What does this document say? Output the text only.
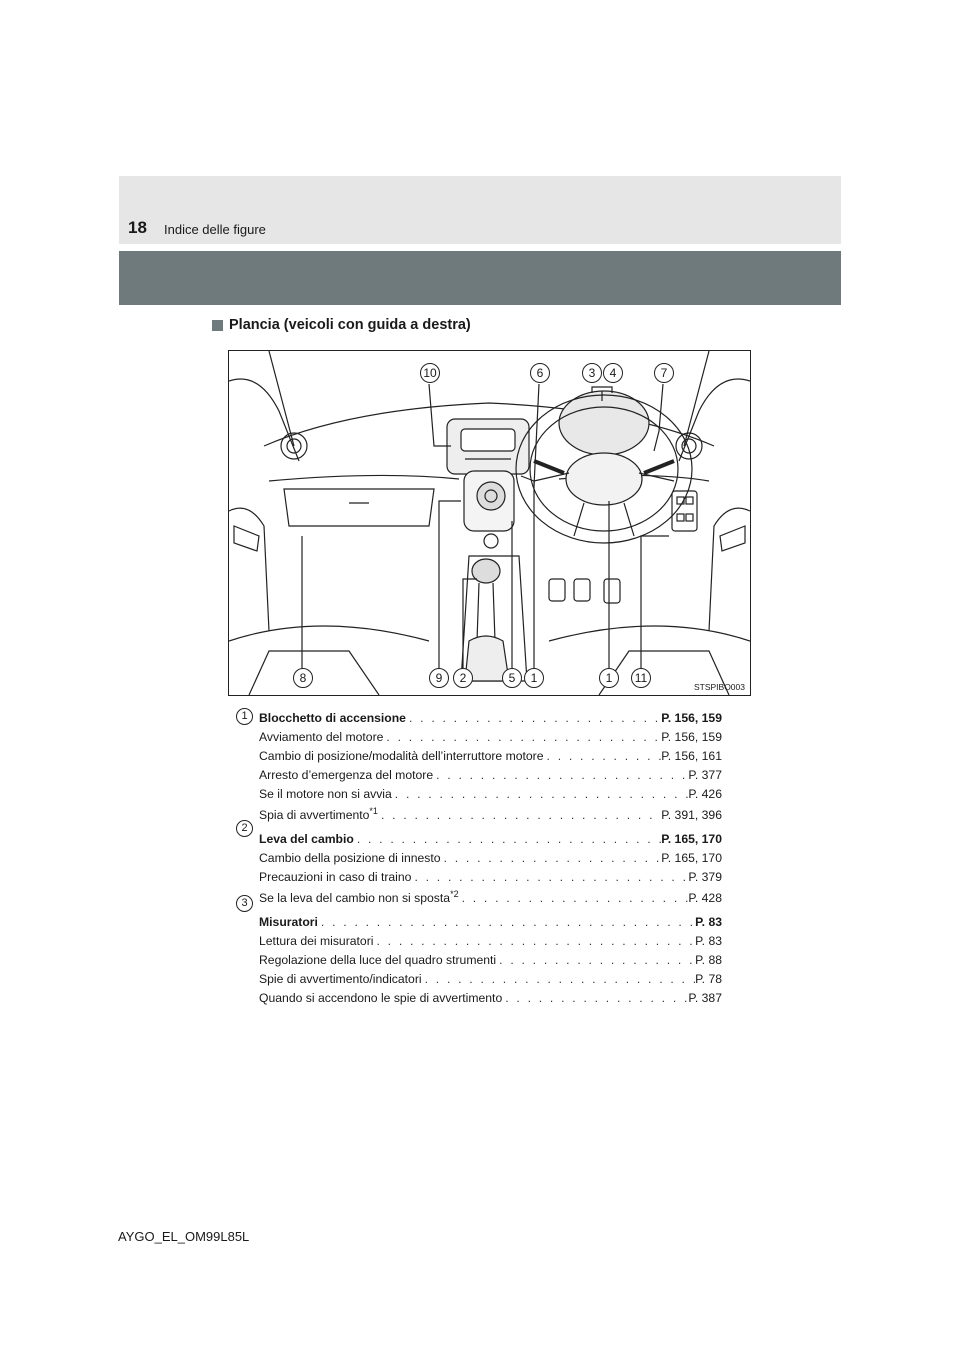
18 Indice delle figure
Plancia (veicoli con guida a destra)
10	6	3	4	7
8	9	2	5	1	1	11
STSPIBO003
1
2
3
Blocchetto di accensione . . .	P. 156, 159
Avviamento del motore . . .	P. 156, 159
Cambio di posizione/modalità dell’interruttore motore . . .	P. 156, 161
Arresto d’emergenza del motore . . .	P. 377
Se il motore non si avvia . . .	P. 426
Spia di avvertimento$^{*1}$ . . .	P. 391, 396
Leva del cambio . . .	P. 165, 170
Cambio della posizione di innesto . . .	P. 165, 170
Precauzioni in caso di traino . . .	P. 379
Se la leva del cambio non si sposta$^{*2}$ . . .	P. 428
Misuratori . . .	P. 83
Lettura dei misuratori . . .	P. 83
Regolazione della luce del quadro strumenti . . .	P. 88
Spie di avvertimento/indicatori . . .	P. 78
Quando si accendono le spie di avvertimento . . .	P. 387
AYGO_EL_OM99L85L
